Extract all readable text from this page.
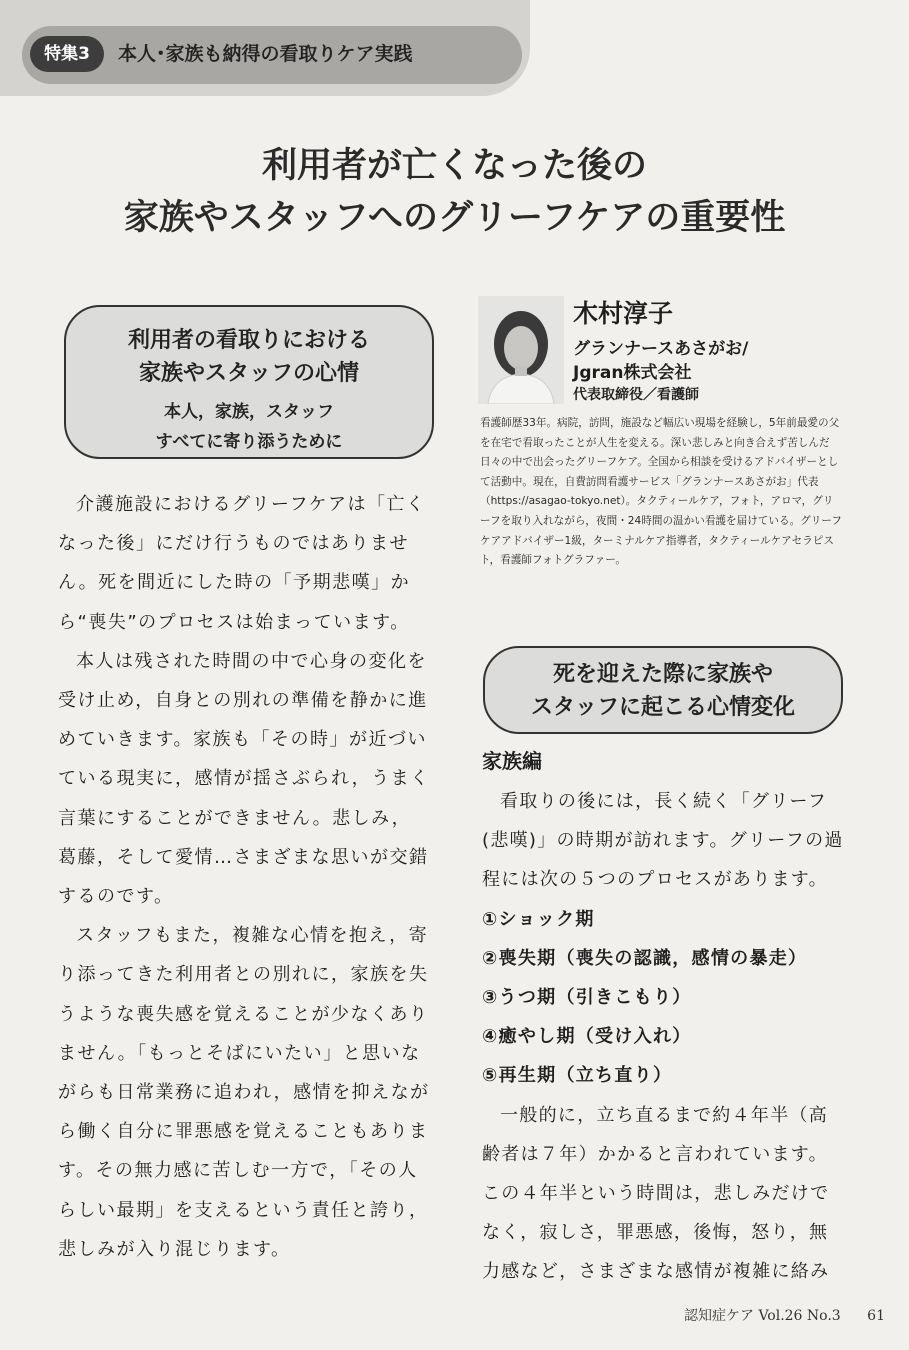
特集3	本人･家族も納得の看取りケア実践
利用者が亡くなった後の
家族やスタッフへのグリーフケアの重要性
利用者の看取りにおける
家族やスタッフの心情
本人，家族，スタッフ
すべてに寄り添うために

介護施設におけるグリーフケアは「亡くなった後」にだけ行うものではありません。死を間近にした時の「予期悲嘆」から“喪失”のプロセスは始まっています。

本人は残された時間の中で心身の変化を受け止め，自身との別れの準備を静かに進めていきます。家族も「その時」が近づいている現実に，感情が揺さぶられ，うまく言葉にすることができません。悲しみ，葛藤，そして愛情…さまざまな思いが交錯するのです。

スタッフもまた，複雑な心情を抱え，寄り添ってきた利用者との別れに，家族を失うような喪失感を覚えることが少なくありません。「もっとそばにいたい」と思いながらも日常業務に追われ，感情を抑えながら働く自分に罪悪感を覚えることもあります。その無力感に苦しむ一方で，「その人らしい最期」を支えるという責任と誇り，悲しみが入り混じります。

木村淳子
グランナースあさがお/
Jgran株式会社
代表取締役／看護師
看護師歴33年。病院，訪問，施設など幅広い現場を経験し，5年前最愛の父を在宅で看取ったことが人生を変える。深い悲しみと向き合えず苦しんだ日々の中で出会ったグリーフケア。全国から相談を受けるアドバイザーとして活動中。現在，自費訪問看護サービス「グランナースあさがお」代表（https://asagao-tokyo.net）。タクティールケア，フォト，アロマ，グリーフを取り入れながら，夜間・24時間の温かい看護を届けている。グリーフケアアドバイザー1級，ターミナルケア指導者，タクティールケアセラピスト，看護師フォトグラファー。
死を迎えた際に家族や
スタッフに起こる心情変化
家族編

看取りの後には，長く続く「グリーフ(悲嘆)」の時期が訪れます。グリーフの過程には次の５つのプロセスがあります。

①ショック期
②喪失期（喪失の認識，感情の暴走）
③うつ期（引きこもり）
④癒やし期（受け入れ）
⑤再生期（立ち直り）

一般的に，立ち直るまで約４年半（高齢者は７年）かかると言われています。この４年半という時間は，悲しみだけでなく，寂しさ，罪悪感，後悔，怒り，無力感など，さまざまな感情が複雑に絡み

認知症ケア Vol.26 No.3 61
